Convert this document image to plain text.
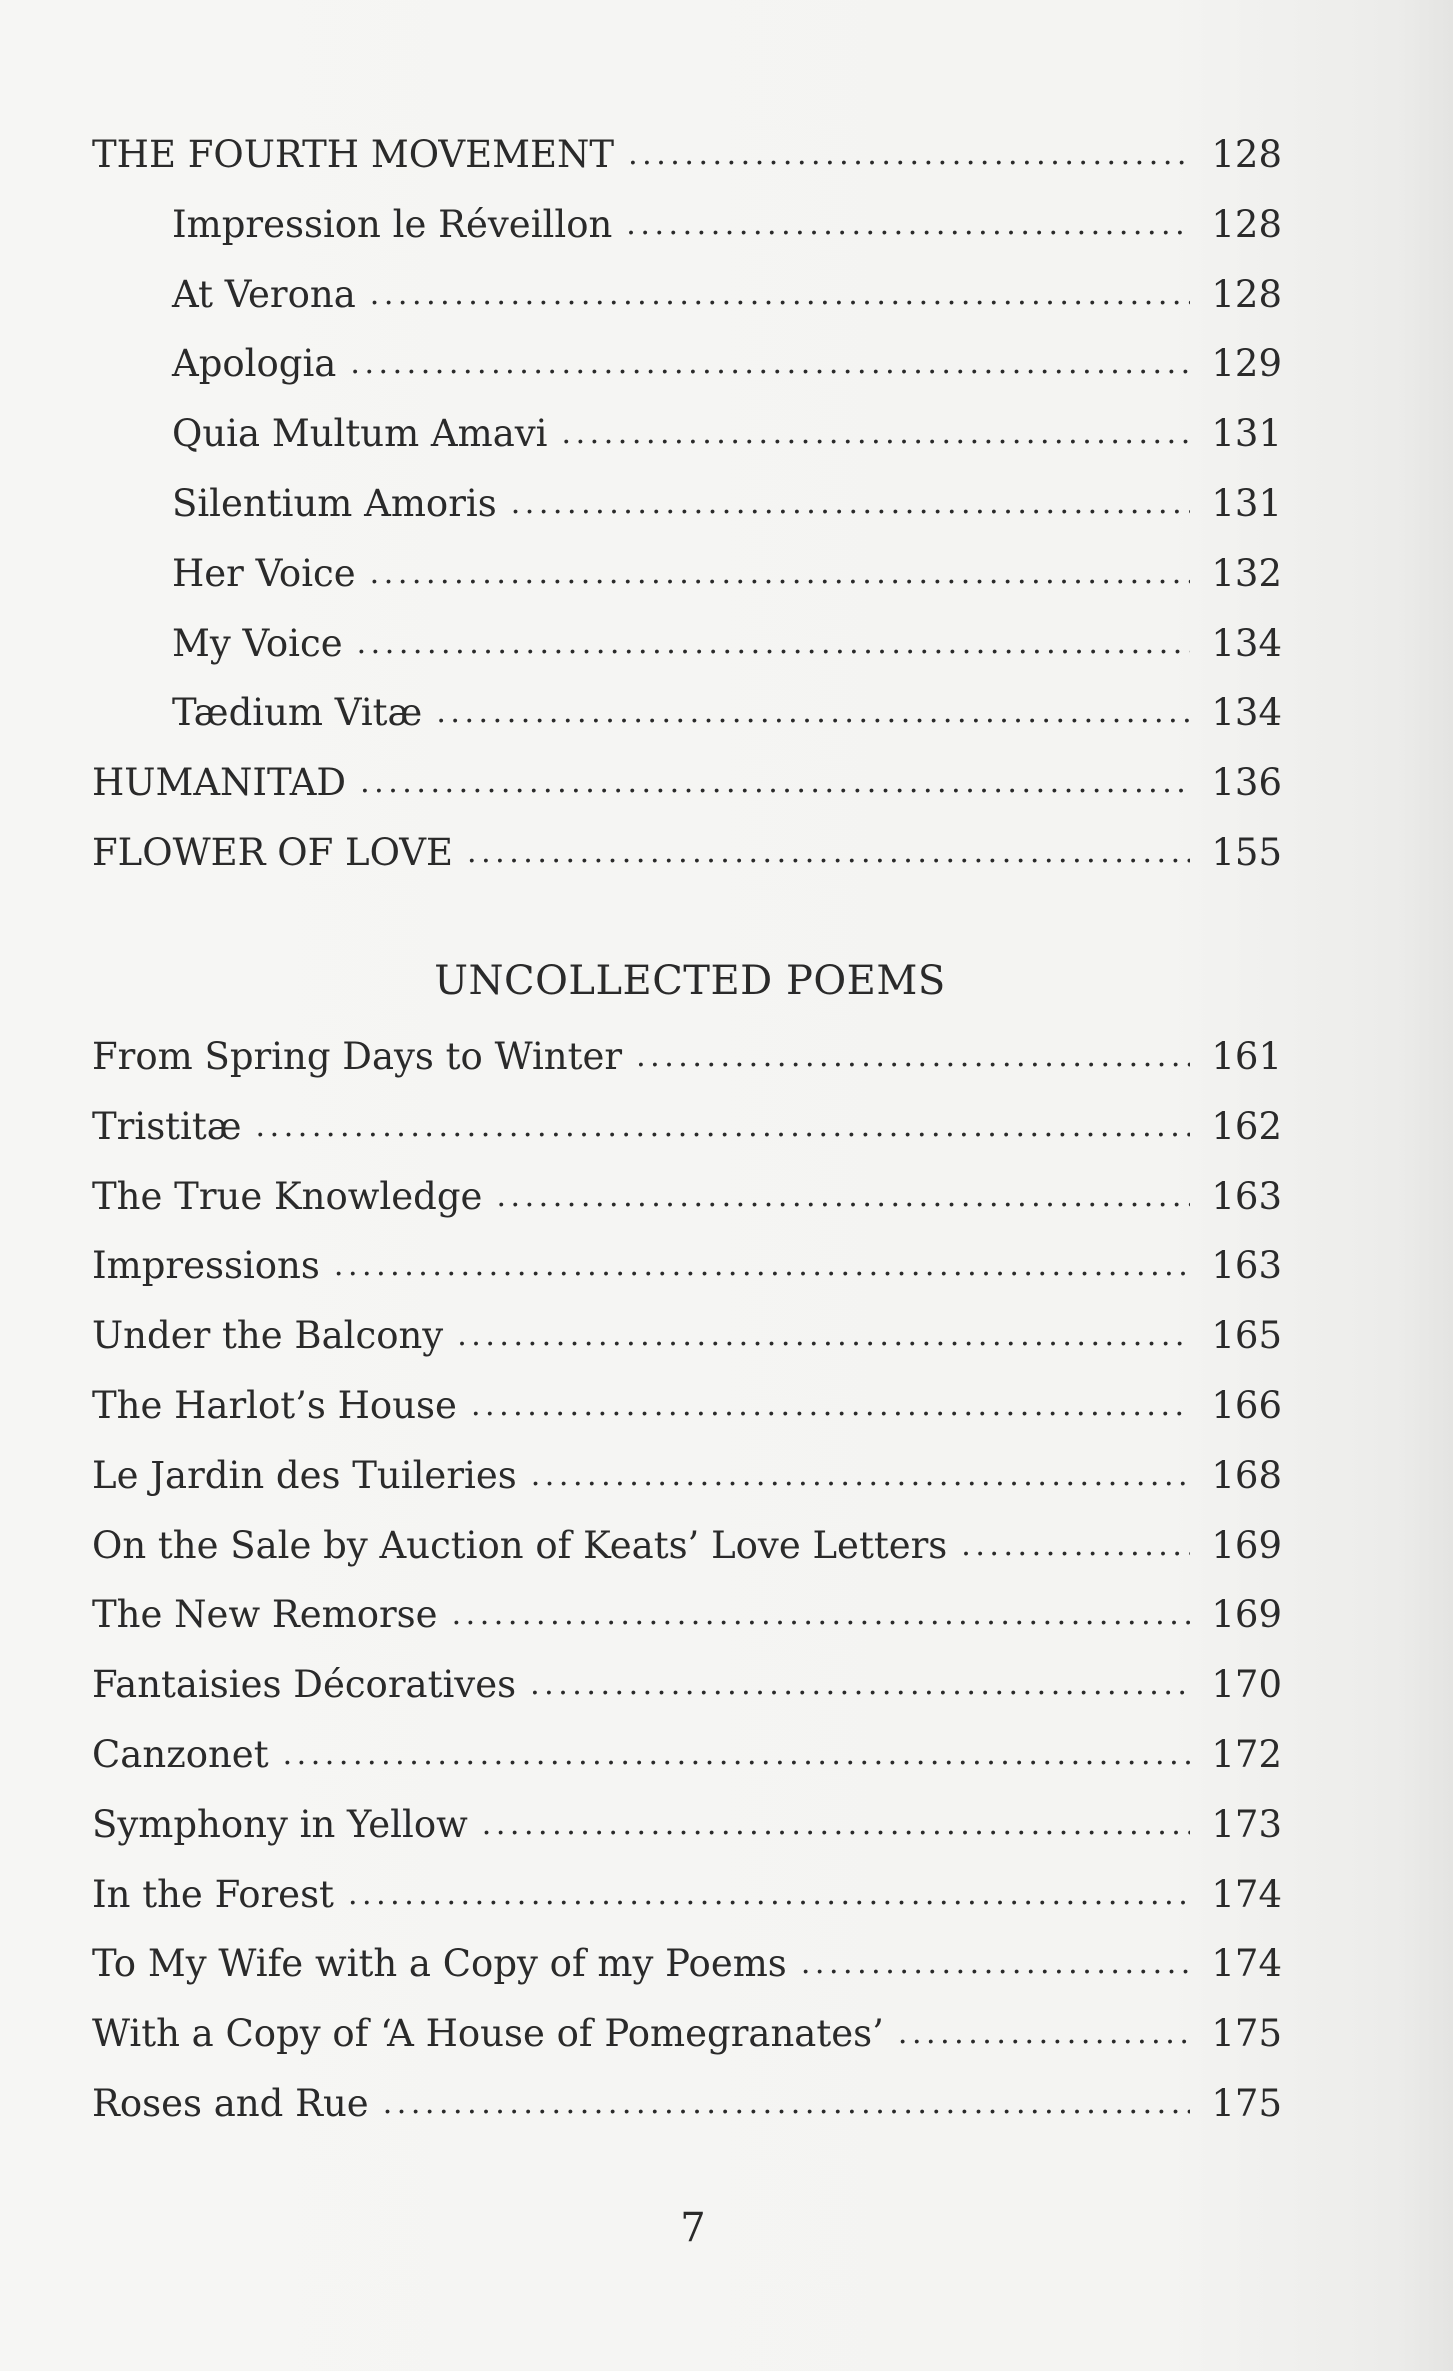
THE FOURTH MOVEMENT . . .	128
Impression le Réveillon . . .	128
At Verona . . .	128
Apologia . . .	129
Quia Multum Amavi . . .	131
Silentium Amoris . . .	131
Her Voice . . .	132
My Voice . . .	134
Tædium Vitæ . . .	134
HUMANITAD . . .	136
FLOWER OF LOVE . . .	155
From Spring Days to Winter . . .	161
Tristitæ . . .	162
The True Knowledge . . .	163
Impressions . . .	163
Under the Balcony . . .	165
The Harlot’s House . . .	166
Le Jardin des Tuileries . . .	168
On the Sale by Auction of Keats’ Love Letters . . .	169
The New Remorse . . .	169
Fantaisies Décoratives . . .	170
Canzonet . . .	172
Symphony in Yellow . . .	173
In the Forest . . .	174
To My Wife with a Copy of my Poems . . .	174
With a Copy of ‘A House of Pomegranates’ . . .	175
Roses and Rue . . .	175
UNCOLLECTED POEMS
7
